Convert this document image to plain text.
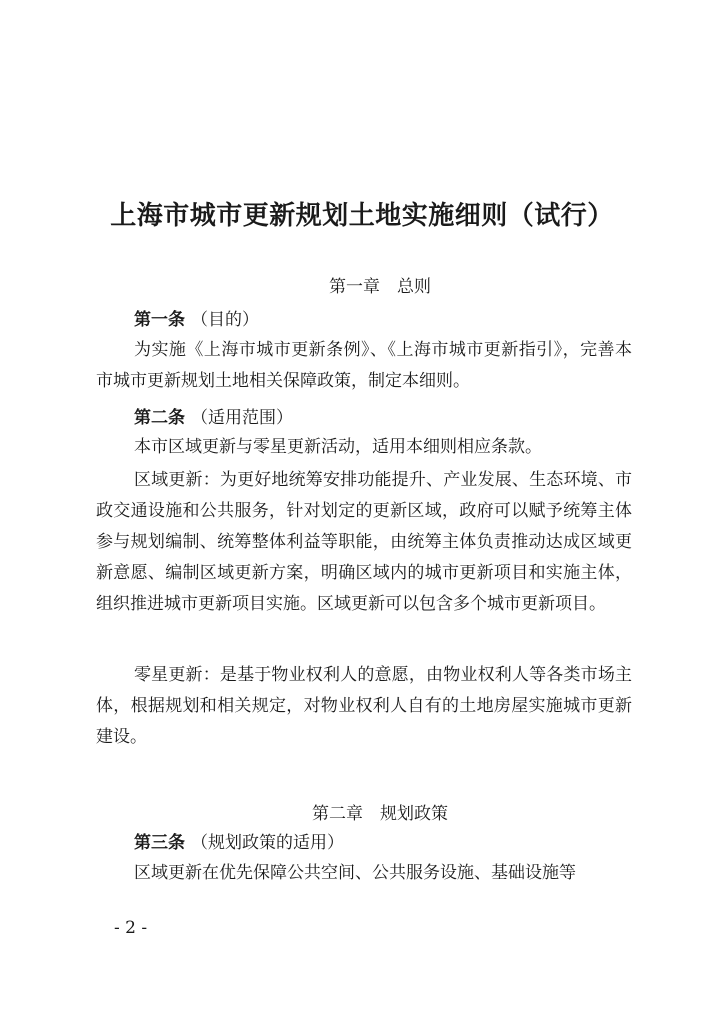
上海市城市更新规划土地实施细则（试行）
第一章　总则
第一条 （目的）

为实施《上海市城市更新条例》、《上海市城市更新指引》，完善本市城市更新规划土地相关保障政策，制定本细则。

第二条 （适用范围）

本市区域更新与零星更新活动，适用本细则相应条款。

区域更新：为更好地统筹安排功能提升、产业发展、生态环境、市政交通设施和公共服务，针对划定的更新区域，政府可以赋予统筹主体参与规划编制、统筹整体利益等职能，由统筹主体负责推动达成区域更新意愿、编制区域更新方案，明确区域内的城市更新项目和实施主体，组织推进城市更新项目实施。区域更新可以包含多个城市更新项目。

零星更新：是基于物业权利人的意愿，由物业权利人等各类市场主体，根据规划和相关规定，对物业权利人自有的土地房屋实施城市更新建设。

第二章　规划政策
第三条 （规划政策的适用）

区域更新在优先保障公共空间、公共服务设施、基础设施等

- 2 -
